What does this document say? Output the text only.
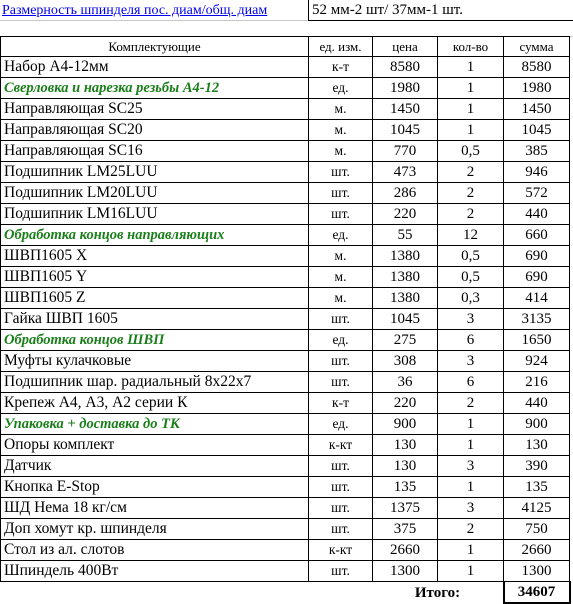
Размерность шпинделя пос. диам/общ. диам	52 мм-2 шт/ 37мм-1 шт.
Комплектующие	ед. изм.	цена	кол-во	сумма
Набор А4-12мм	к-т	8580	1	8580
Сверловка и нарезка резьбы А4-12	ед.	1980	1	1980
Направляющая SC25	м.	1450	1	1450
Направляющая SC20	м.	1045	1	1045
Направляющая SC16	м.	770	0,5	385
Подшипник LM25LUU	шт.	473	2	946
Подшипник LM20LUU	шт.	286	2	572
Подшипник LM16LUU	шт.	220	2	440
Обработка концов направляющих	ед.	55	12	660
ШВП1605 X	м.	1380	0,5	690
ШВП1605 Y	м.	1380	0,5	690
ШВП1605 Z	м.	1380	0,3	414
Гайка ШВП 1605	шт.	1045	3	3135
Обработка концов ШВП	ед.	275	6	1650
Муфты кулачковые	шт.	308	3	924
Подшипник шар. радиальный 8х22х7	шт.	36	6	216
Крепеж А4, А3, А2 серии К	к-т	220	2	440
Упаковка + доставка до ТК	ед.	900	1	900
Опоры комплект	к-кт	130	1	130
Датчик	шт.	130	3	390
Кнопка E-Stop	шт.	135	1	135
ШД Нема 18 кг/см	шт.	1375	3	4125
Доп хомут кр. шпинделя	шт.	375	2	750
Стол из ал. слотов	к-кт	2660	1	2660
Шпиндель 400Вт	шт.	1300	1	1300
		Итого:		34607
